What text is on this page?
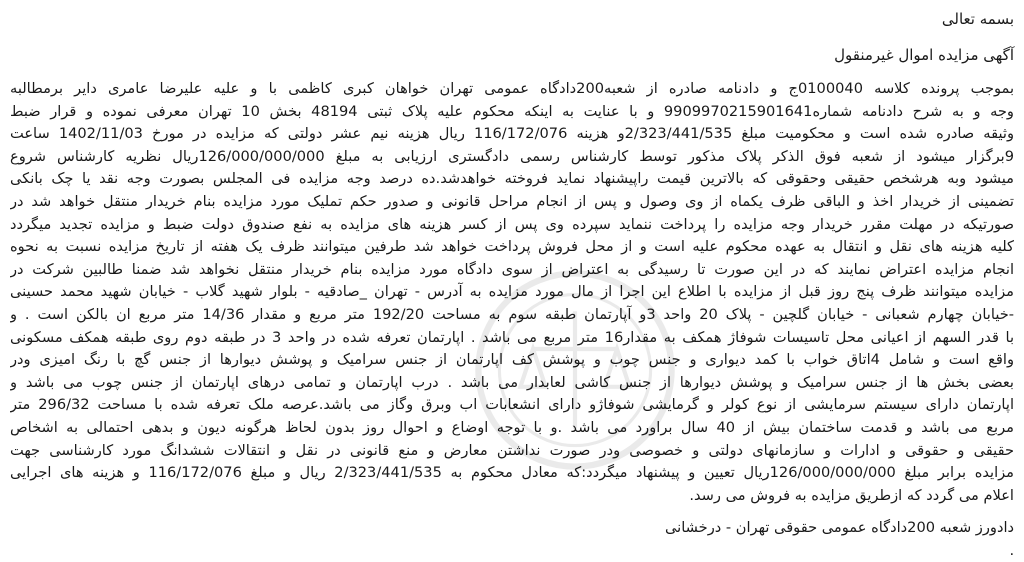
بسمه تعالی
آگهی مزایده اموال غیرمنقول
بموجب پرونده کلاسه 0100040ج و دادنامه صادره از شعبه200دادگاه عمومی تهران خواهان کبری کاظمی با و علیه علیرضا عامری دایر برمطالبه
وجه و به شرح دادنامه شماره9909970215901641 و با عنایت به اینکه محکوم علیه پلاک ثبتی 48194 بخش 10 تهران معرفی نموده و قرار ضبط
وثیقه صادره شده است و محکومیت مبلغ 2/323/441/535و هزینه 116/172/076 ریال هزینه نیم عشر دولتی که مزایده در مورخ 1402/11/03 ساعت
9برگزار میشود از شعبه فوق الذکر پلاک مذکور توسط کارشناس رسمی دادگستری ارزیابی به مبلغ 126/000/000/000ریال نظریه کارشناس شروع
میشود وبه هرشخص حقیقی وحقوقی که بالاترین قیمت راپیشنهاد نماید فروخته خواهدشد.ده درصد وجه مزایده فی المجلس بصورت وجه نقد یا چک بانکی
تضمینی از خریدار اخذ و الباقی ظرف یکماه از وی وصول و پس از انجام مراحل قانونی و صدور حکم تملیک مورد مزایده بنام خریدار منتقل خواهد شد در
صورتیکه در مهلت مقرر خریدار وجه مزایده را پرداخت ننماید سپرده وی پس از کسر هزینه های مزایده به نفع صندوق دولت ضبط و مزایده تجدید میگردد
کلیه هزینه های نقل و انتقال به عهده محکوم علیه است و از محل فروش پرداخت خواهد شد طرفین میتوانند ظرف یک هفته از تاریخ مزایده نسبت به نحوه
انجام مزایده اعتراض نمایند که در این صورت تا رسیدگی به اعتراض از سوی دادگاه مورد مزایده بنام خریدار منتقل نخواهد شد ضمنا طالبین شرکت در
مزایده میتوانند ظرف پنج روز قبل از مزایده با اطلاع این اجرا از مال مورد مزایده به آدرس - تهران _صادقیه - بلوار شهید گلاب - خیابان شهید محمد حسینی
-خیابان چهارم شعبانی - خیابان گلچین - پلاک 20 واحد 3و آپارتمان طبقه سوم به مساحت 192/20 متر مربع و مقدار 14/36 متر مربع ان بالکن است . و
با قدر السهم از اعیانی محل تاسیسات شوفاژ همکف به مقدار16 متر مربع می باشد . اپارتمان تعرفه شده در واحد 3 در طبقه دوم روی طبقه همکف مسکونی
واقع است و شامل 4اتاق خواب با کمد دیواری و جنس چوب و پوشش کف اپارتمان از جنس سرامیک و پوشش دیوارها از جنس گچ با رنگ امیزی ودر
بعضی بخش ها از جنس سرامیک و پوشش دیوارها از جنس کاشی لعابدار می باشد . درب اپارتمان و تمامی درهای اپارتمان از جنس چوب می باشد و
اپارتمان دارای سیستم سرمایشی از نوع کولر و گرمایشی شوفاژو دارای انشعابات اب وبرق وگاز می باشد.عرصه ملک تعرفه شده با مساحت 296/32 متر
مربع می باشد و قدمت ساختمان بیش از 40 سال براورد می باشد .و با توجه اوضاع و احوال روز بدون لحاظ هرگونه دیون و بدهی احتمالی به اشخاص
حقیقی و حقوقی و ادارات و سازمانهای دولتی و خصوصی ودر صورت نداشتن معارض و منع قانونی در نقل و انتقالات ششدانگ مورد کارشناسی جهت
مزایده برابر مبلغ 126/000/000/000ریال تعیین و پیشنهاد میگردد:که معادل محکوم به 2/323/441/535 ریال و مبلغ 116/172/076 و هزینه های اجرایی
اعلام می گردد که ازطریق مزایده به فروش می رسد.
دادورز شعبه 200دادگاه عمومی حقوقی تهران - درخشانی
.
